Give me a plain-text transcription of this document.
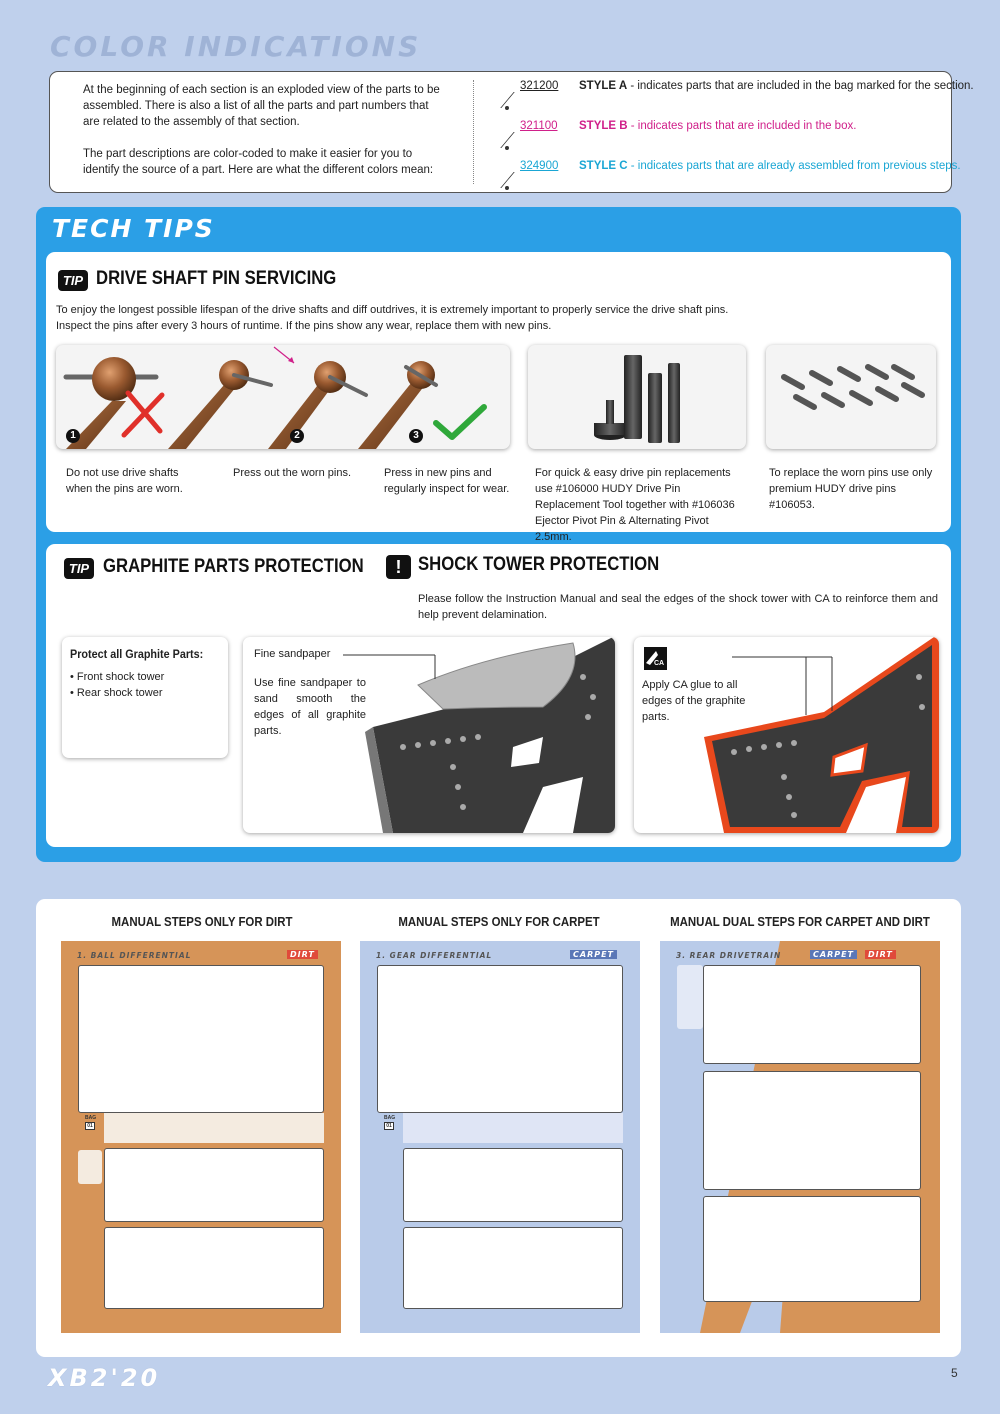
COLOR INDICATIONS

At the beginning of each section is an exploded view of the parts to be assembled. There is also a list of all the parts and part numbers that are related to the assembly of that section.

The part descriptions are color-coded to make it easier for you to identify the source of a part. Here are what the different colors mean:

321200 STYLE A - indicates parts that are included in the bag marked for the section.
321100 STYLE B - indicates parts that are included in the box.
324900 STYLE C - indicates parts that are already assembled from previous steps.
TECH TIPS
TIP DRIVE SHAFT PIN SERVICING
To enjoy the longest possible lifespan of the drive shafts and diff outdrives, it is extremely important to properly service the drive shaft pins.
Inspect the pins after every 3 hours of runtime. If the pins show any wear, replace them with new pins.
1	2	3
Do not use drive shafts when the pins are worn.
Press out the worn pins.	Press in new pins and regularly inspect for wear.
For quick & easy drive pin replacements use #106000 HUDY Drive Pin Replacement Tool together with #106036 Ejector Pivot Pin & Alternating Pivot 2.5mm.
To replace the worn pins use only premium HUDY drive pins #106053.
TIP GRAPHITE PARTS PROTECTION	! SHOCK TOWER PROTECTION
Please follow the Instruction Manual and seal the edges of the shock tower with CA to reinforce them and help prevent delamination.
Protect all Graphite Parts:
• Front shock tower
• Rear shock tower
Fine sandpaper
Use fine sandpaper to sand smooth the edges of all graphite parts.
CA
Apply CA glue to all edges of the graphite parts.
MANUAL STEPS ONLY FOR DIRT	MANUAL STEPS ONLY FOR CARPET	MANUAL DUAL STEPS FOR CARPET AND DIRT
1. BALL DIFFERENTIAL	DIRT
BAG
01
1. GEAR DIFFERENTIAL	CARPET
BAG
01
3. REAR DRIVETRAIN	CARPET	DIRT
XB2'20	5
